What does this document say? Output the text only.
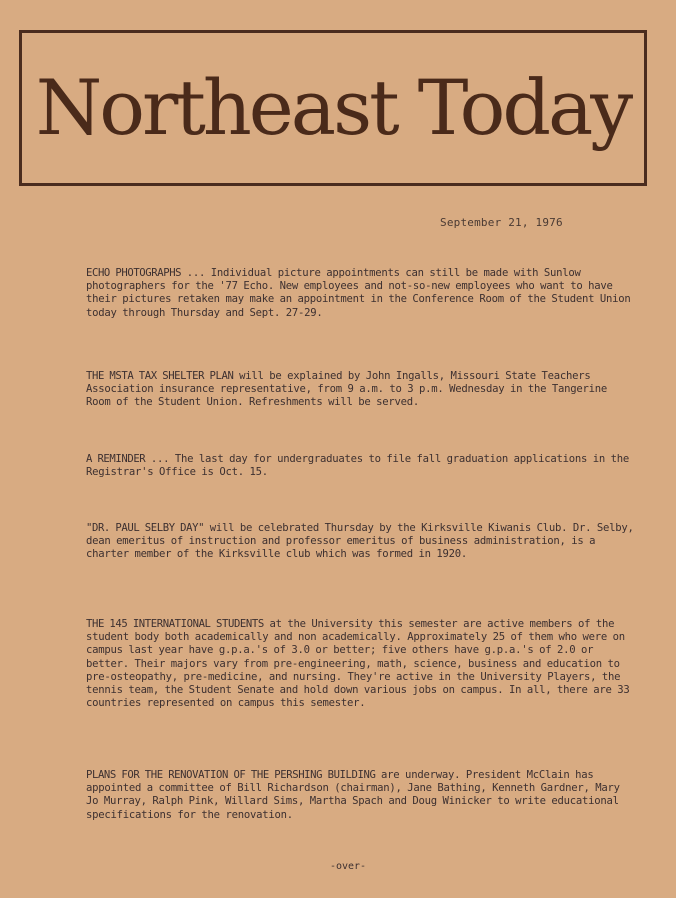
Northeast Today
September 21, 1976

ECHO PHOTOGRAPHS ... Individual picture appointments can still be made with Sunlow photographers for the '77 Echo. New employees and not-so-new employees who want to have their pictures retaken may make an appointment in the Conference Room of the Student Union today through Thursday and Sept. 27-29.

THE MSTA TAX SHELTER PLAN will be explained by John Ingalls, Missouri State Teachers Association insurance representative, from 9 a.m. to 3 p.m. Wednesday in the Tangerine Room of the Student Union. Refreshments will be served.

A REMINDER ... The last day for undergraduates to file fall graduation applications in the Registrar's Office is Oct. 15.

"DR. PAUL SELBY DAY" will be celebrated Thursday by the Kirksville Kiwanis Club. Dr. Selby, dean emeritus of instruction and professor emeritus of business administration, is a charter member of the Kirksville club which was formed in 1920.

THE 145 INTERNATIONAL STUDENTS at the University this semester are active members of the student body both academically and non academically. Approximately 25 of them who were on campus last year have g.p.a.'s of 3.0 or better; five others have g.p.a.'s of 2.0 or better. Their majors vary from pre-engineering, math, science, business and education to pre-osteopathy, pre-medicine, and nursing. They're active in the University Players, the tennis team, the Student Senate and hold down various jobs on campus. In all, there are 33 countries represented on campus this semester.

PLANS FOR THE RENOVATION OF THE PERSHING BUILDING are underway. President McClain has appointed a committee of Bill Richardson (chairman), Jane Bathing, Kenneth Gardner, Mary Jo Murray, Ralph Pink, Willard Sims, Martha Spach and Doug Winicker to write educational specifications for the renovation.

-over-
